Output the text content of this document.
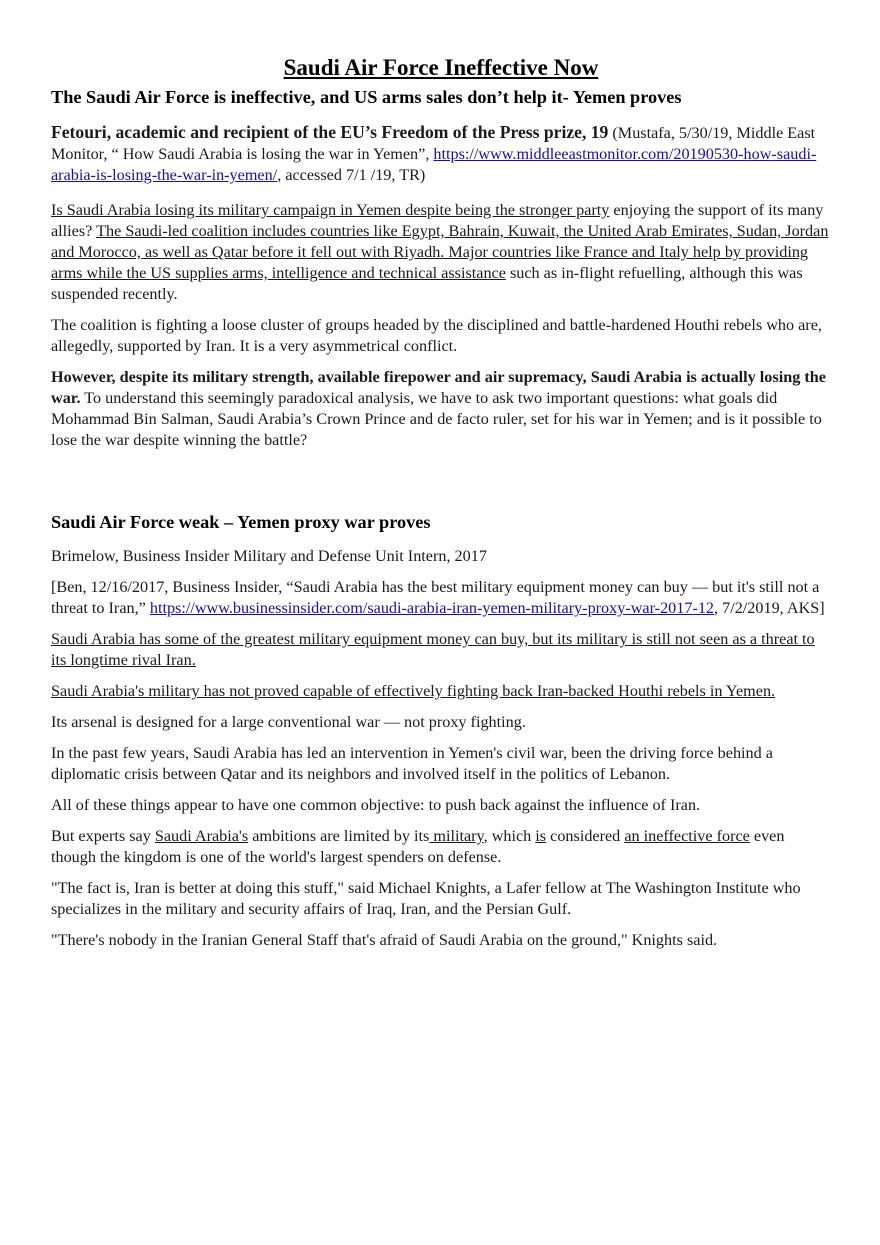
Saudi Air Force Ineffective Now
The Saudi Air Force is ineffective, and US arms sales don’t help it- Yemen proves

Fetouri, academic and recipient of the EU’s Freedom of the Press prize, 19 (Mustafa, 5/30/19, Middle East Monitor, “ How Saudi Arabia is losing the war in Yemen”, https://www.middleeastmonitor.com/20190530-how-saudi-arabia-is-losing-the-war-in-yemen/, accessed 7/1 /19, TR)

Is Saudi Arabia losing its military campaign in Yemen despite being the stronger party enjoying the support of its many allies? The Saudi-led coalition includes countries like Egypt, Bahrain, Kuwait, the United Arab Emirates, Sudan, Jordan and Morocco, as well as Qatar before it fell out with Riyadh. Major countries like France and Italy help by providing arms while the US supplies arms, intelligence and technical assistance such as in-flight refuelling, although this was suspended recently.

The coalition is fighting a loose cluster of groups headed by the disciplined and battle-hardened Houthi rebels who are, allegedly, supported by Iran. It is a very asymmetrical conflict.

However, despite its military strength, available firepower and air supremacy, Saudi Arabia is actually losing the war. To understand this seemingly paradoxical analysis, we have to ask two important questions: what goals did Mohammad Bin Salman, Saudi Arabia’s Crown Prince and de facto ruler, set for his war in Yemen; and is it possible to lose the war despite winning the battle?

Saudi Air Force weak – Yemen proxy war proves

Brimelow, Business Insider Military and Defense Unit Intern, 2017

[Ben, 12/16/2017, Business Insider, “Saudi Arabia has the best military equipment money can buy — but it's still not a threat to Iran,” https://www.businessinsider.com/saudi-arabia-iran-yemen-military-proxy-war-2017-12, 7/2/2019, AKS]

Saudi Arabia has some of the greatest military equipment money can buy, but its military is still not seen as a threat to its longtime rival Iran.

Saudi Arabia's military has not proved capable of effectively fighting back Iran-backed Houthi rebels in Yemen.

Its arsenal is designed for a large conventional war — not proxy fighting.

In the past few years, Saudi Arabia has led an intervention in Yemen's civil war, been the driving force behind a diplomatic crisis between Qatar and its neighbors and involved itself in the politics of Lebanon.

All of these things appear to have one common objective: to push back against the influence of Iran.

But experts say Saudi Arabia's ambitions are limited by its military, which is considered an ineffective force even though the kingdom is one of the world's largest spenders on defense.

"The fact is, Iran is better at doing this stuff," said Michael Knights, a Lafer fellow at The Washington Institute who specializes in the military and security affairs of Iraq, Iran, and the Persian Gulf.

"There's nobody in the Iranian General Staff that's afraid of Saudi Arabia on the ground," Knights said.
